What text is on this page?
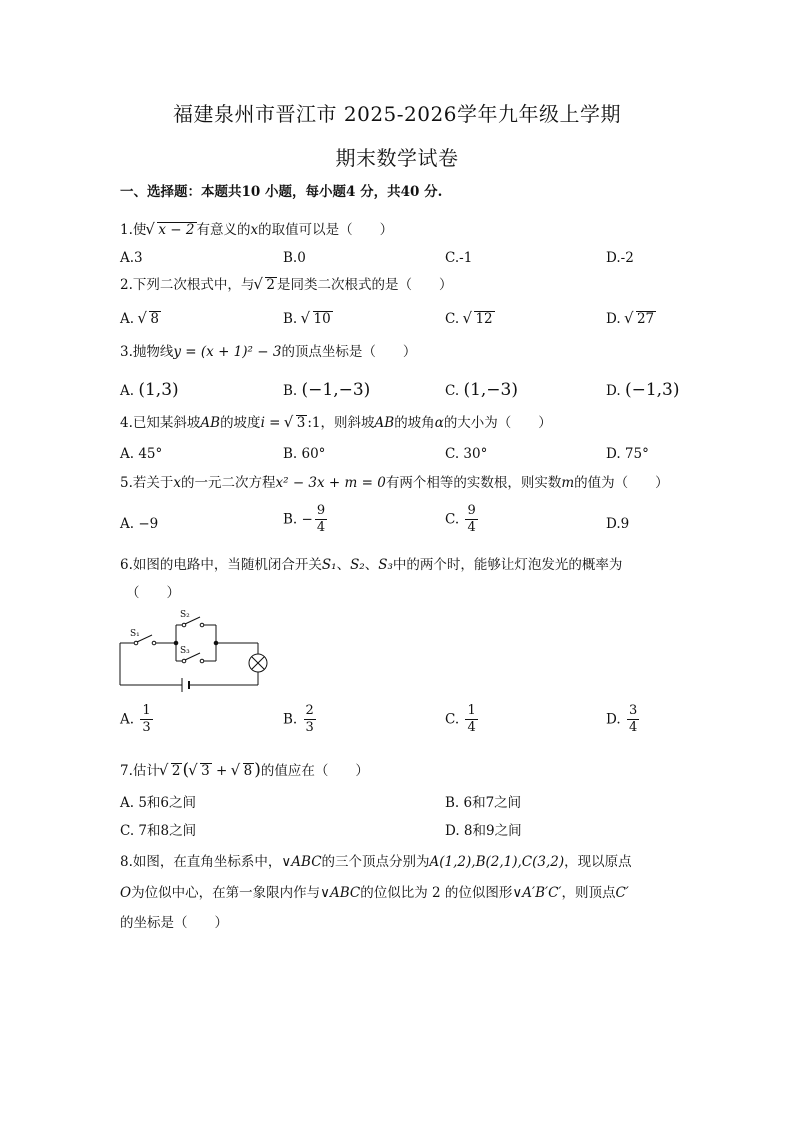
福建泉州市晋江市 2025-2026学年九年级上学期
期末数学试卷
一、选择题：本题共10 小题，每小题4 分，共40 分.
1.使 √ x − 2 有意义的x的取值可以是（　　）
A.3	B.0	C.-1	D.-2
2.下列二次根式中，与 √ 2 是同类二次根式的是（　　）
A. √ 8	B. √ 10	C. √ 12	D. √ 27
3.抛物线y = (x + 1)² − 3的顶点坐标是（　　）
A. (1,3)	B. (−1,−3)	C. (1,−3)	D. (−1,3)
4.已知某斜坡AB的坡度i = √ 3 :1，则斜坡AB的坡角α的大小为（　　）
A. 45°	B. 60°	C. 30°	D. 75°
5.若关于x的一元二次方程x² − 3x + m = 0有两个相等的实数根，则实数m的值为（　　）
A. −9	B. − $\frac{9}{4}$	C. $\frac{9}{4}$	D.9
6.如图的电路中，当随机闭合开关S₁、S₂、S₃中的两个时，能够让灯泡发光的概率为
（　　）
S₁
S₂
S₃
A. $\frac{1}{3}$	B. $\frac{2}{3}$	C. $\frac{1}{4}$	D. $\frac{3}{4}$
7.估计 √ 2 ( √ 3 + √ 8 )的值应在（　　）
A. 5和6之间	B. 6和7之间
C. 7和8之间	D. 8和9之间
8.如图，在直角坐标系中，∨ABC的三个顶点分别为A(1,2),B(2,1),C(3,2)，现以原点
O为位似中心，在第一象限内作与∨ABC的位似比为 2 的位似图形∨A′B′C′，则顶点C′
的坐标是（　　）
